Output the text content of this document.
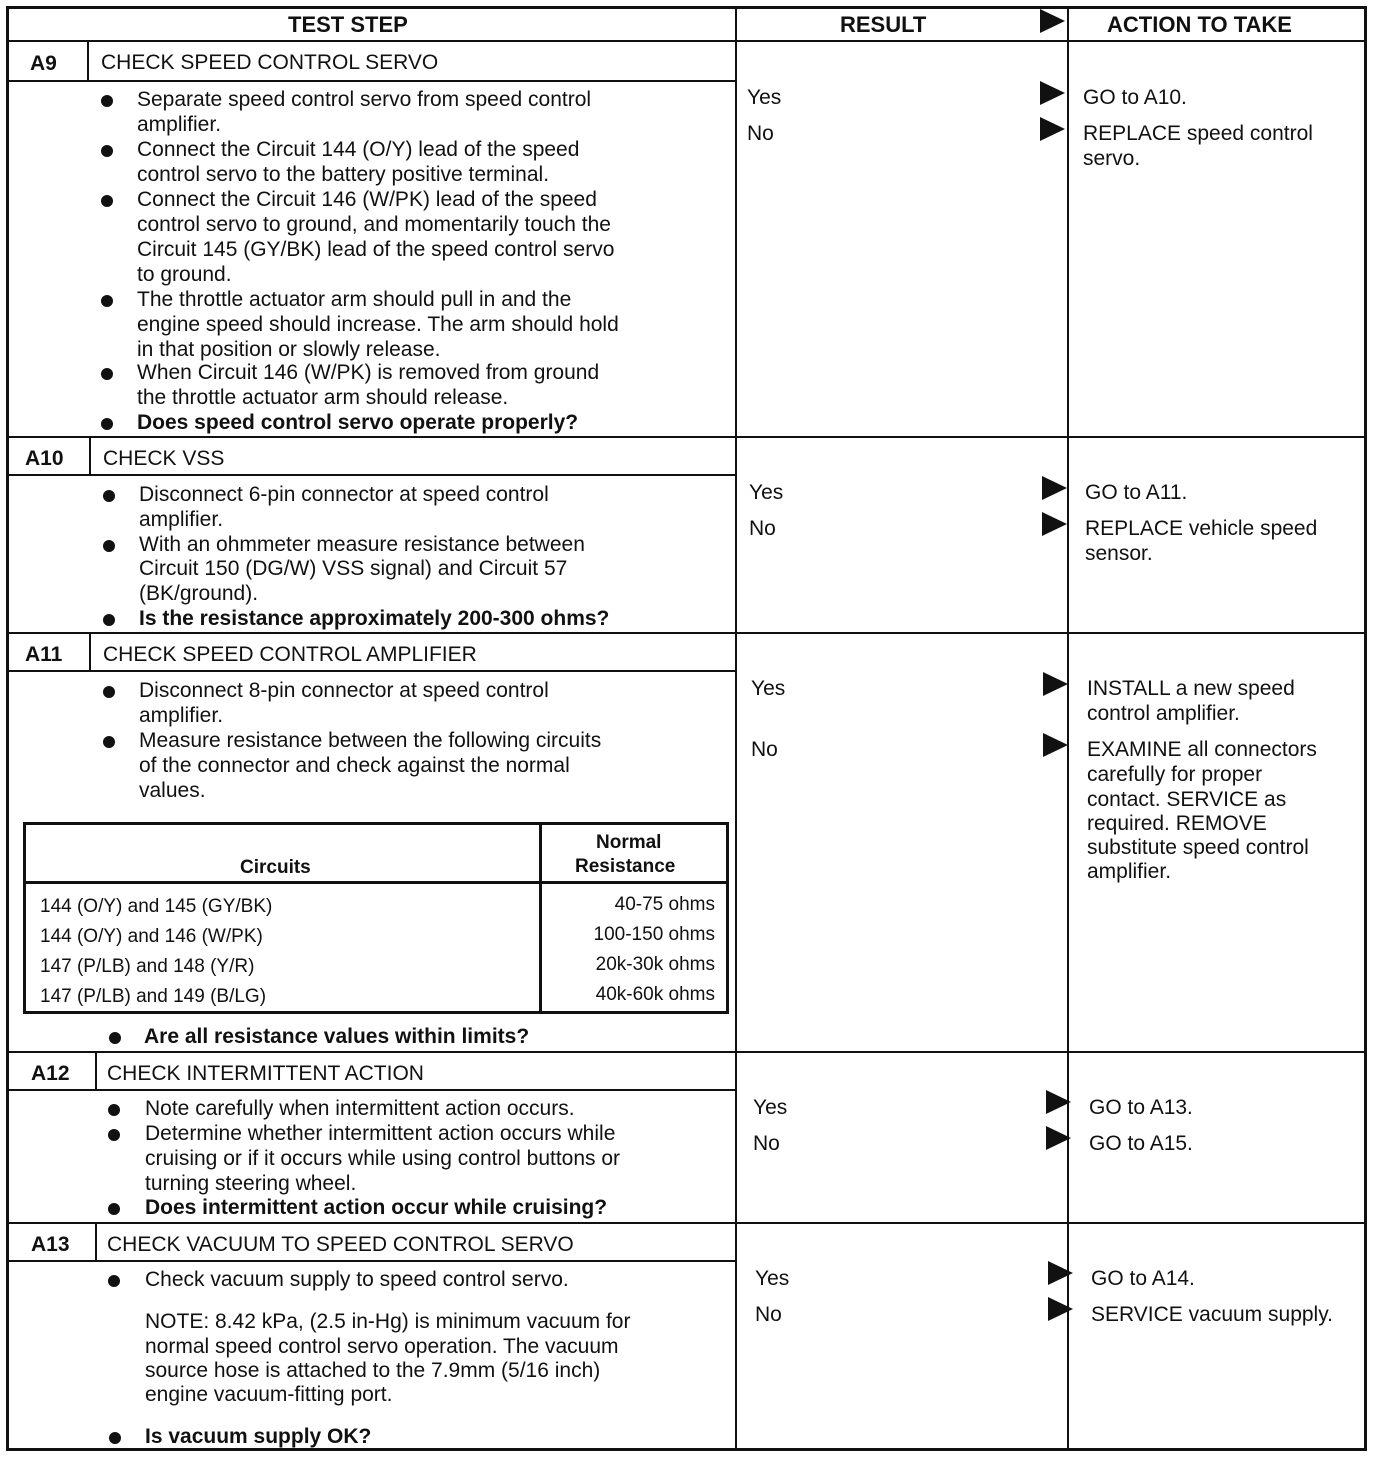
TEST STEP	RESULT	ACTION TO TAKE
A9 CHECK SPEED CONTROL SERVO
Separate speed control servo from speed control
amplifier.
Connect the Circuit 144 (O/Y) lead of the speed
control servo to the battery positive terminal.
Connect the Circuit 146 (W/PK) lead of the speed
control servo to ground, and momentarily touch the
Circuit 145 (GY/BK) lead of the speed control servo
to ground.
The throttle actuator arm should pull in and the
engine speed should increase. The arm should hold
in that position or slowly release.
When Circuit 146 (W/PK) is removed from ground
the throttle actuator arm should release.
Does speed control servo operate properly?
Yes	GO to A10.
No	REPLACE speed control
servo.
A10 CHECK VSS
Disconnect 6-pin connector at speed control
amplifier.
With an ohmmeter measure resistance between
Circuit 150 (DG/W) VSS signal) and Circuit 57
(BK/ground).
Is the resistance approximately 200-300 ohms?
Yes	GO to A11.
No	REPLACE vehicle speed
sensor.
A11 CHECK SPEED CONTROL AMPLIFIER
Disconnect 8-pin connector at speed control
amplifier.
Measure resistance between the following circuits
of the connector and check against the normal
values.
Circuits
Normal
Resistance
144 (O/Y) and 145 (GY/BK)	40-75 ohms
144 (O/Y) and 146 (W/PK)	100-150 ohms
147 (P/LB) and 148 (Y/R)	20k-30k ohms
147 (P/LB) and 149 (B/LG)	40k-60k ohms
Are all resistance values within limits?
Yes	INSTALL a new speed
control amplifier.
No	EXAMINE all connectors
carefully for proper
contact. SERVICE as
required. REMOVE
substitute speed control
amplifier.
A12 CHECK INTERMITTENT ACTION
Note carefully when intermittent action occurs.
Determine whether intermittent action occurs while
cruising or if it occurs while using control buttons or
turning steering wheel.
Does intermittent action occur while cruising?
Yes	GO to A13.
No	GO to A15.
A13 CHECK VACUUM TO SPEED CONTROL SERVO
Check vacuum supply to speed control servo.
NOTE: 8.42 kPa, (2.5 in-Hg) is minimum vacuum for
normal speed control servo operation. The vacuum
source hose is attached to the 7.9mm (5/16 inch)
engine vacuum-fitting port.
Is vacuum supply OK?
Yes	GO to A14.
No	SERVICE vacuum supply.
